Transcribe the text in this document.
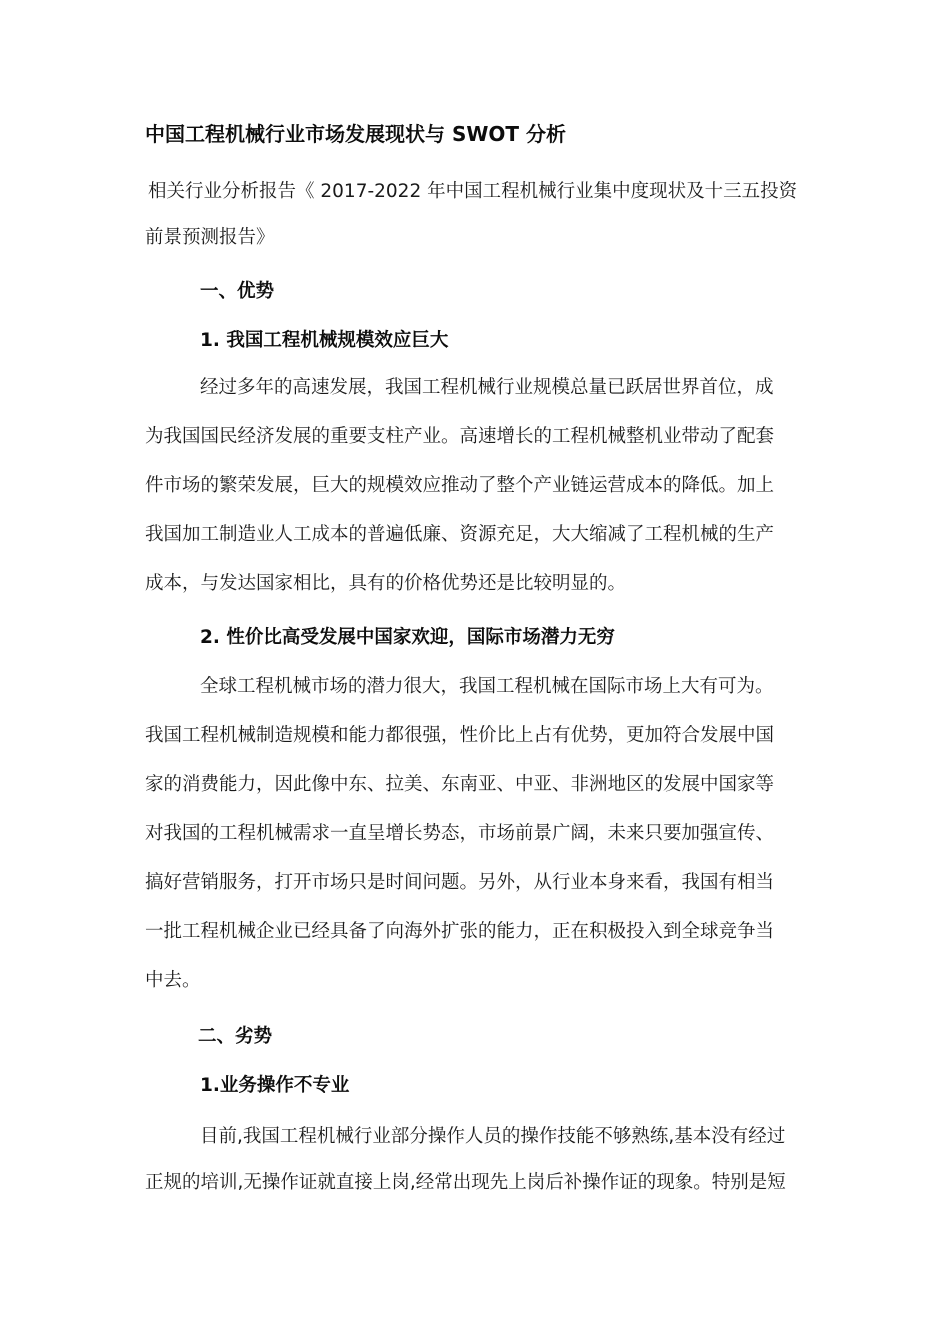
中国工程机械行业市场发展现状与 SWOT 分析
相关行业分析报告《 2017-2022 年中国工程机械行业集中度现状及十三五投资
前景预测报告》
一、优势
1. 我国工程机械规模效应巨大
经过多年的高速发展，我国工程机械行业规模总量已跃居世界首位，成
为我国国民经济发展的重要支柱产业。高速增长的工程机械整机业带动了配套
件市场的繁荣发展，巨大的规模效应推动了整个产业链运营成本的降低。加上
我国加工制造业人工成本的普遍低廉、资源充足，大大缩减了工程机械的生产
成本，与发达国家相比，具有的价格优势还是比较明显的。
2. 性价比高受发展中国家欢迎，国际市场潜力无穷
全球工程机械市场的潜力很大，我国工程机械在国际市场上大有可为。
我国工程机械制造规模和能力都很强，性价比上占有优势，更加符合发展中国
家的消费能力，因此像中东、拉美、东南亚、中亚、非洲地区的发展中国家等
对我国的工程机械需求一直呈增长势态，市场前景广阔，未来只要加强宣传、
搞好营销服务，打开市场只是时间问题。另外，从行业本身来看，我国有相当
一批工程机械企业已经具备了向海外扩张的能力，正在积极投入到全球竞争当
中去。
二、劣势
1.业务操作不专业
目前,我国工程机械行业部分操作人员的操作技能不够熟练,基本没有经过
正规的培训,无操作证就直接上岗,经常出现先上岗后补操作证的现象。特别是短
